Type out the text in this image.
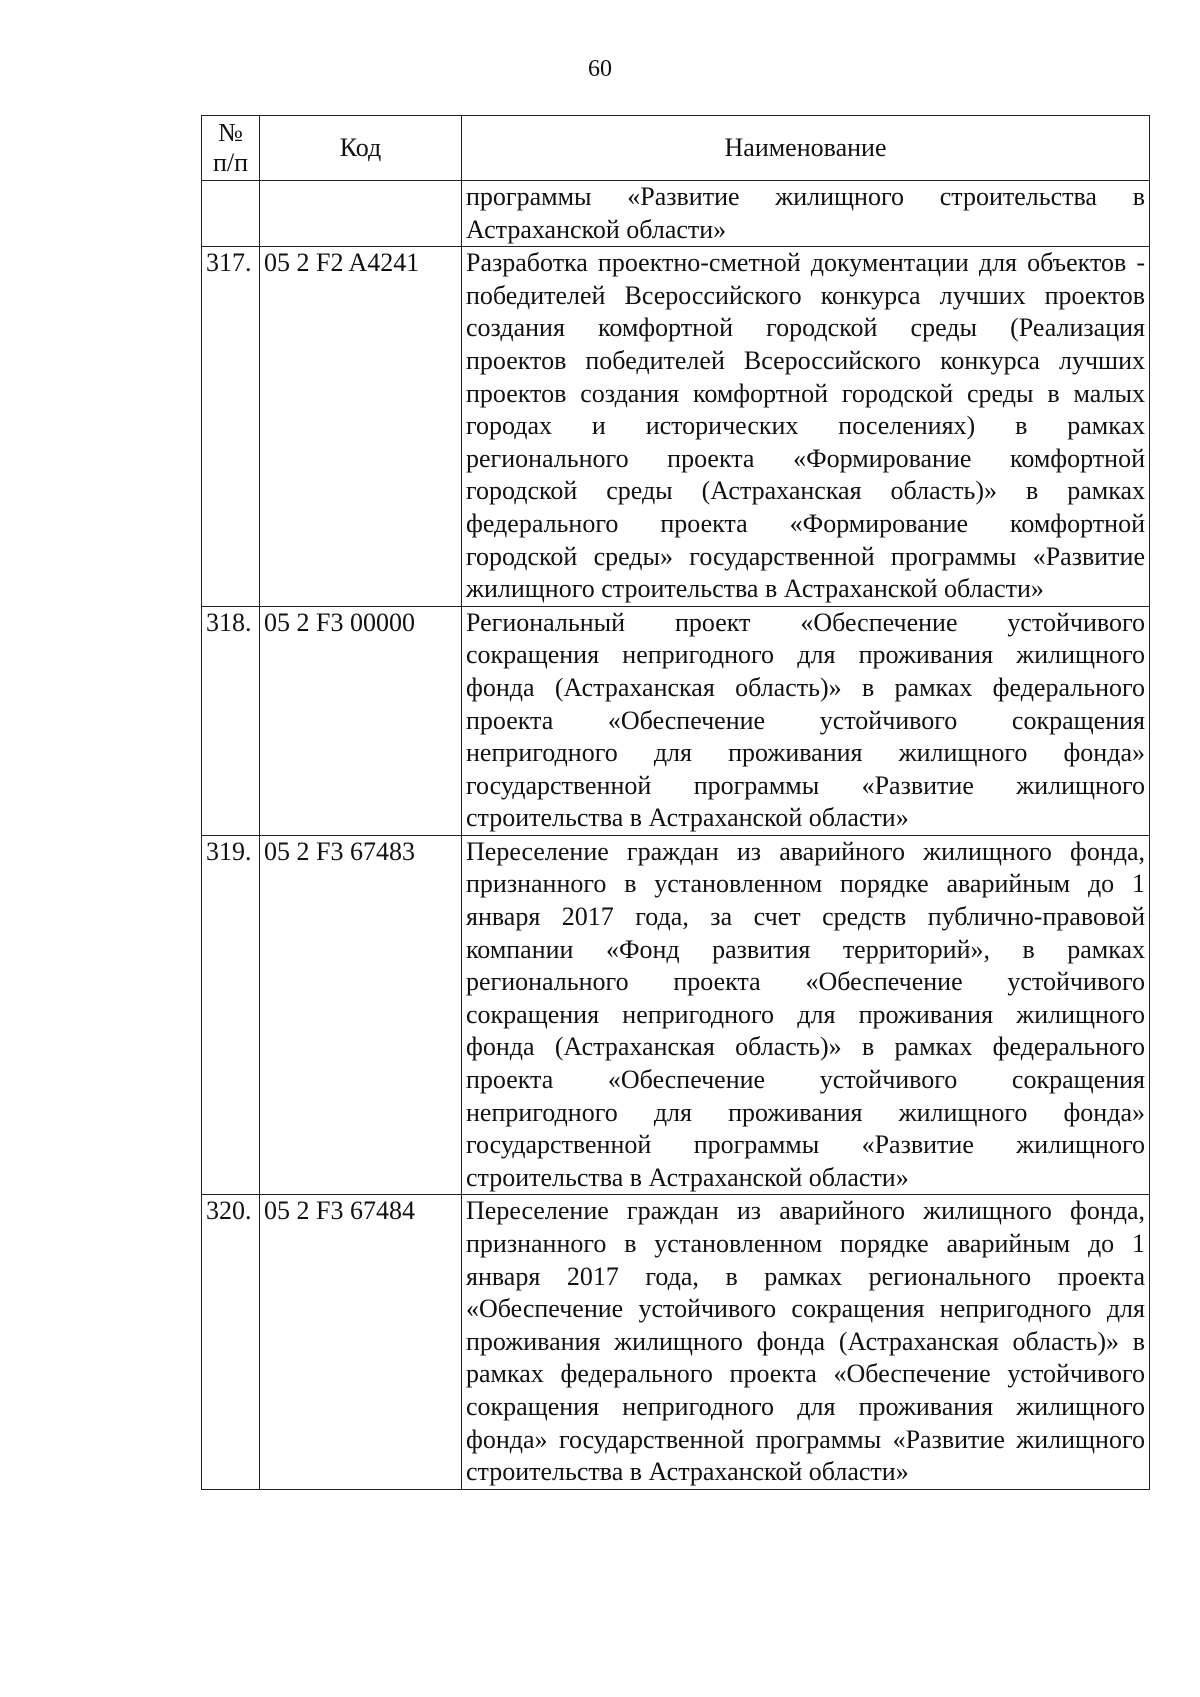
60
№ п/п	Код	Наименование
		программы «Развитие жилищного строительства в Астраханской области»
317.	05 2 F2 A4241	Разработка проектно-сметной документации для объектов - победителей Всероссийского конкурса лучших проектов создания комфортной городской среды (Реализация проектов победителей Всероссийского конкурса лучших проектов создания комфортной городской среды в малых городах и исторических поселениях) в рамках регионального проекта «Формирование комфортной городской среды (Астраханская область)» в рамках федерального проекта «Формирование комфортной городской среды» государственной программы «Развитие жилищного строительства в Астраханской области»
318.	05 2 F3 00000	Региональный проект «Обеспечение устойчивого сокращения непригодного для проживания жилищного фонда (Астраханская область)» в рамках федерального проекта «Обеспечение устойчивого сокращения непригодного для проживания жилищного фонда» государственной программы «Развитие жилищного строительства в Астраханской области»
319.	05 2 F3 67483	Переселение граждан из аварийного жилищного фонда, признанного в установленном порядке аварийным до 1 января 2017 года, за счет средств публично-правовой компании «Фонд развития территорий», в рамках регионального проекта «Обеспечение устойчивого сокращения непригодного для проживания жилищного фонда (Астраханская область)» в рамках федерального проекта «Обеспечение устойчивого сокращения непригодного для проживания жилищного фонда» государственной программы «Развитие жилищного строительства в Астраханской области»
320.	05 2 F3 67484	Переселение граждан из аварийного жилищного фонда, признанного в установленном порядке аварийным до 1 января 2017 года, в рамках регионального проекта «Обеспечение устойчивого сокращения непригодного для проживания жилищного фонда (Астраханская область)» в рамках федерального проекта «Обеспечение устойчивого сокращения непригодного для проживания жилищного фонда» государственной программы «Развитие жилищного строительства в Астраханской области»
